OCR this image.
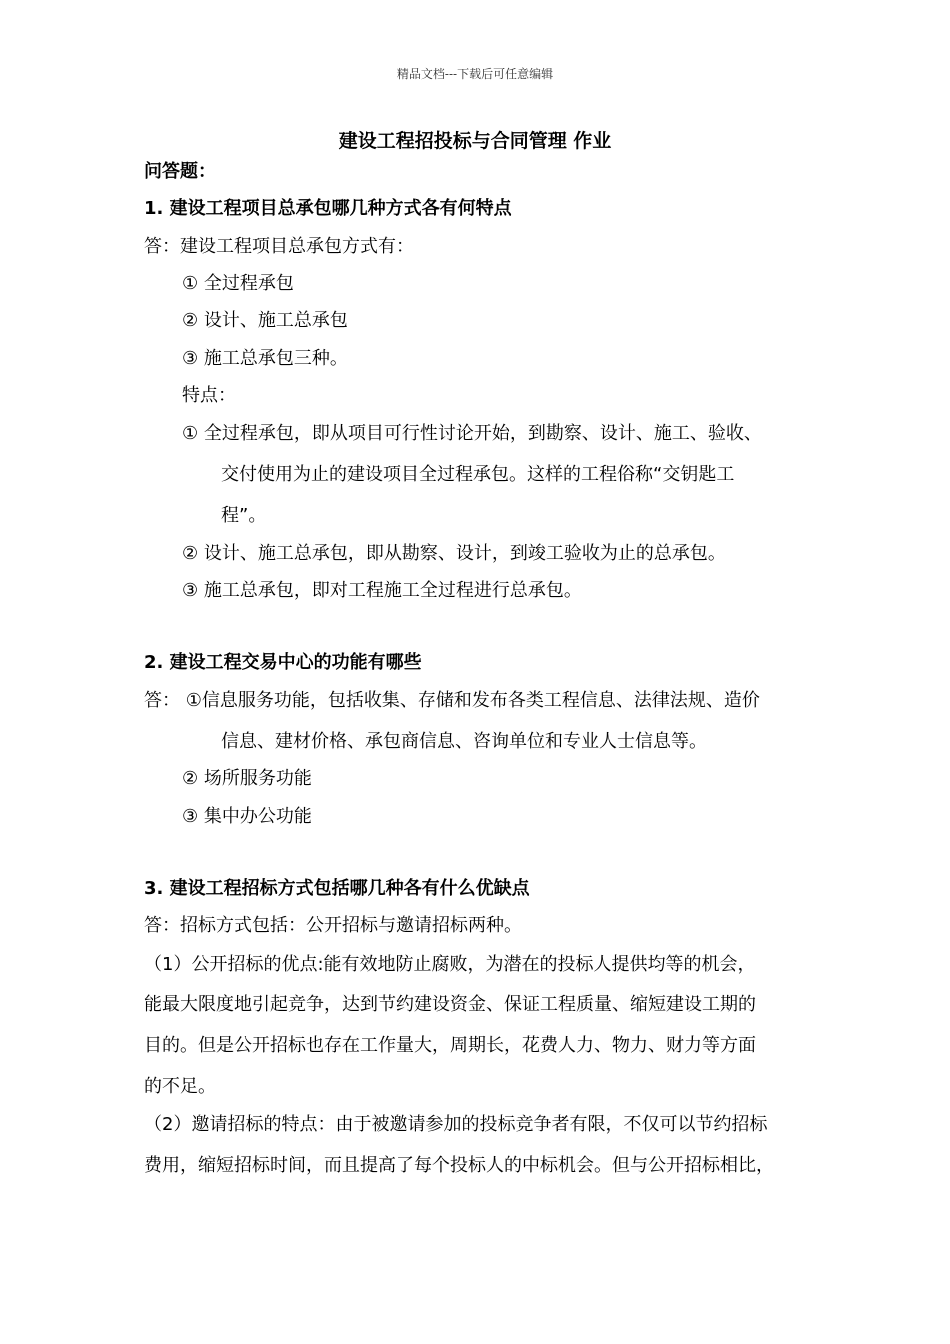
精品文档---下载后可任意编辑
建设工程招投标与合同管理 作业
问答题：
1. 建设工程项目总承包哪几种方式各有何特点
答：建设工程项目总承包方式有：
① 全过程承包
② 设计、施工总承包
③ 施工总承包三种。
特点：
① 全过程承包，即从项目可行性讨论开始，到勘察、设计、施工、验收、
交付使用为止的建设项目全过程承包。这样的工程俗称“交钥匙工
程”。
② 设计、施工总承包，即从勘察、设计，到竣工验收为止的总承包。
③ 施工总承包，即对工程施工全过程进行总承包。
2. 建设工程交易中心的功能有哪些
答： ①信息服务功能，包括收集、存储和发布各类工程信息、法律法规、造价
信息、建材价格、承包商信息、咨询单位和专业人士信息等。
② 场所服务功能
③ 集中办公功能
3. 建设工程招标方式包括哪几种各有什么优缺点
答：招标方式包括：公开招标与邀请招标两种。
（1）公开招标的优点:能有效地防止腐败，为潜在的投标人提供均等的机会，
能最大限度地引起竞争，达到节约建设资金、保证工程质量、缩短建设工期的
目的。但是公开招标也存在工作量大，周期长，花费人力、物力、财力等方面
的不足。
（2）邀请招标的特点：由于被邀请参加的投标竞争者有限，不仅可以节约招标
费用，缩短招标时间，而且提高了每个投标人的中标机会。但与公开招标相比，
